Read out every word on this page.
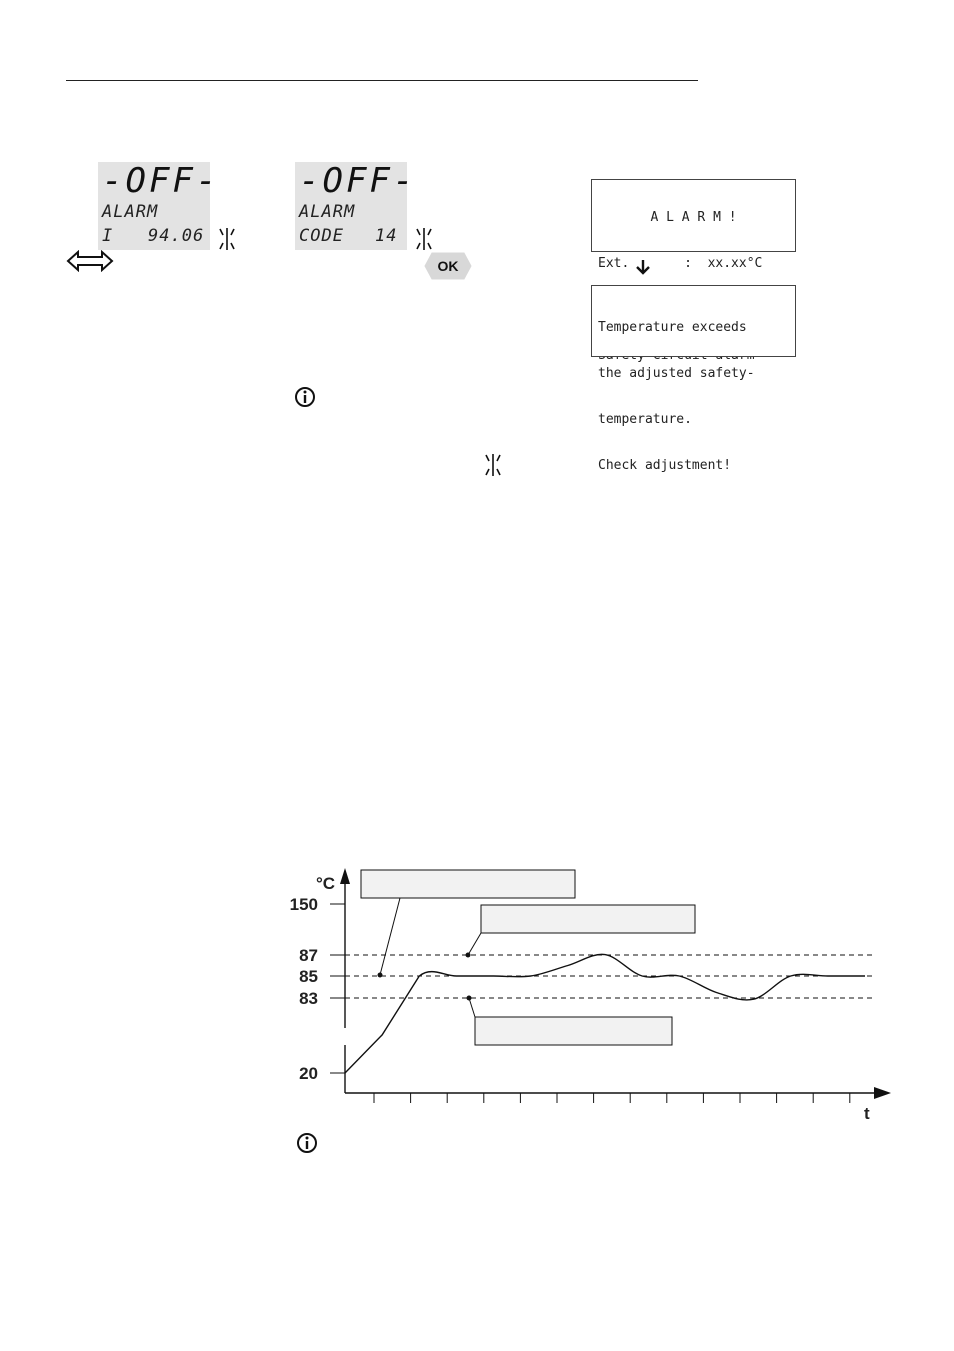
-OFF-
ALARM
I 94.06
-OFF-
ALARM
CODE 14
OK

A L A R M !

Ext.       :  xx.xx°C

Temperature exceeds

the adjusted safety-

temperature.

Check adjustment!

°C
t
20
83
85
87
150
